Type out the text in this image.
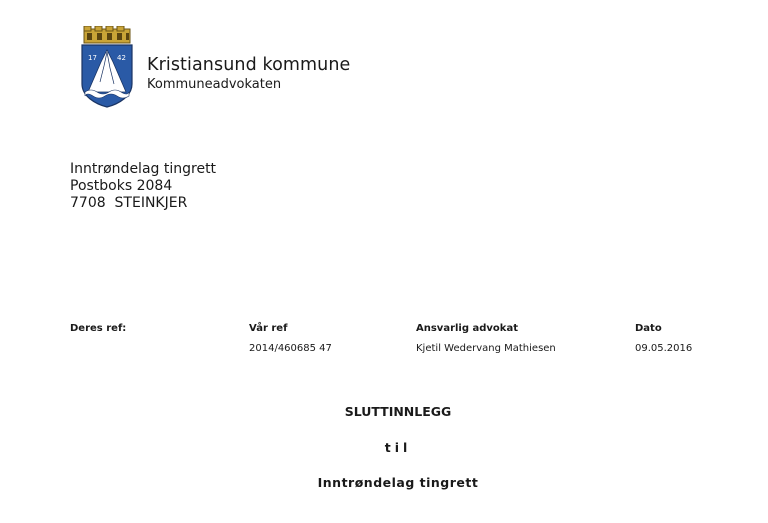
17	42 Kristiansund kommune
Kommuneadvokaten
Inntrøndelag tingrett
Postboks 2084
7708  STEINKJER
Deres ref:	Vår ref
2014/460685 47
Ansvarlig advokat
Kjetil Wedervang Mathiesen
Dato
09.05.2016
SLUTTINNLEGG
til
Inntrøndelag tingrett
